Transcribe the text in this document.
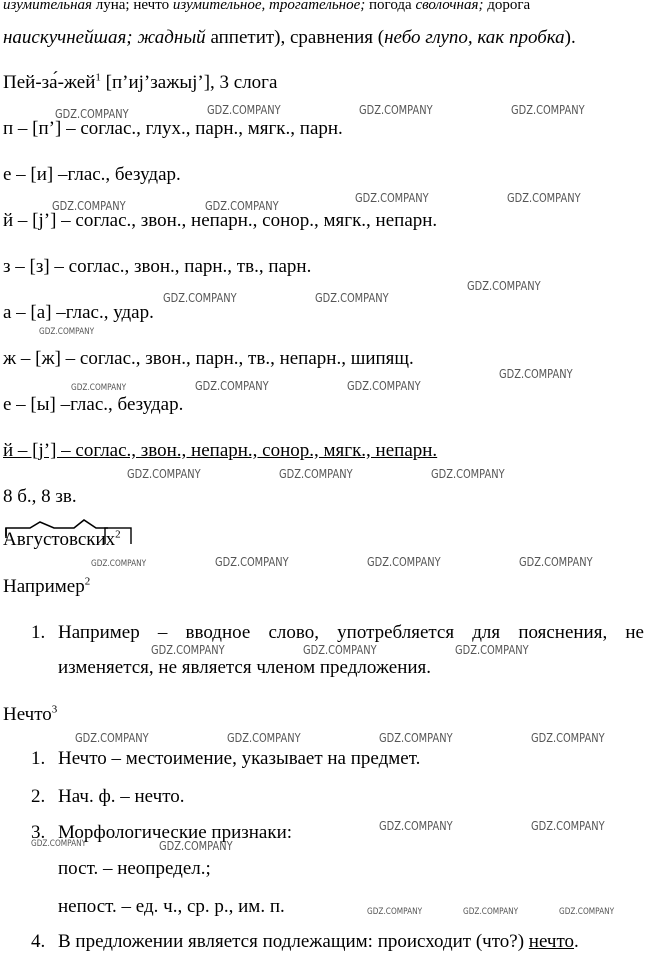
изумительная луна; нечто изумительное, трогательное; погода сволочная; дорога
наискучнейшая; жадный аппетит), сравнения (небо глупо, как пробка).
Пей-за́-жей$^1$ [п’иj’зажыj’], 3 слога
п – [п’] – соглас., глух., парн., мягк., парн.
е – [и] –глас., безудар.
й – [j’] – соглас., звон., непарн., сонор., мягк., непарн.
з – [з] – соглас., звон., парн., тв., парн.
а – [а] –глас., удар.
ж – [ж] – соглас., звон., парн., тв., непарн., шипящ.
е – [ы] –глас., безудар.
й – [j’] – соглас., звон., непарн., сонор., мягк., непарн.
8 б., 8 зв.
Августовских$^2$
Например$^2$
1. Например – вводное слово, употребляется для пояснения, не
изменяется, не является членом предложения.
Нечто$^3$
1. Нечто – местоимение, указывает на предмет.
2. Нач. ф. – нечто.
3. Морфологические признаки:
пост. – неопредел.;
непост. – ед. ч., ср. р., им. п.
4. В предложении является подлежащим: происходит (что?) нечто.
GDZ.COMPANY	GDZ.COMPANY	GDZ.COMPANY	GDZ.COMPANY
GDZ.COMPANY	GDZ.COMPANY
GDZ.COMPANY	GDZ.COMPANY
GDZ.COMPANY	GDZ.COMPANY
GDZ.COMPANY
GDZ.COMPANY
GDZ.COMPANY	GDZ.COMPANY	GDZ.COMPANY
GDZ.COMPANY
GDZ.COMPANY	GDZ.COMPANY	GDZ.COMPANY
GDZ.COMPANY	GDZ.COMPANY	GDZ.COMPANY	GDZ.COMPANY
GDZ.COMPANY	GDZ.COMPANY	GDZ.COMPANY
GDZ.COMPANY	GDZ.COMPANY	GDZ.COMPANY	GDZ.COMPANY
GDZ.COMPANY	GDZ.COMPANY
GDZ.COMPANY	GDZ.COMPANY
GDZ.COMPANY	GDZ.COMPANY	GDZ.COMPANY
